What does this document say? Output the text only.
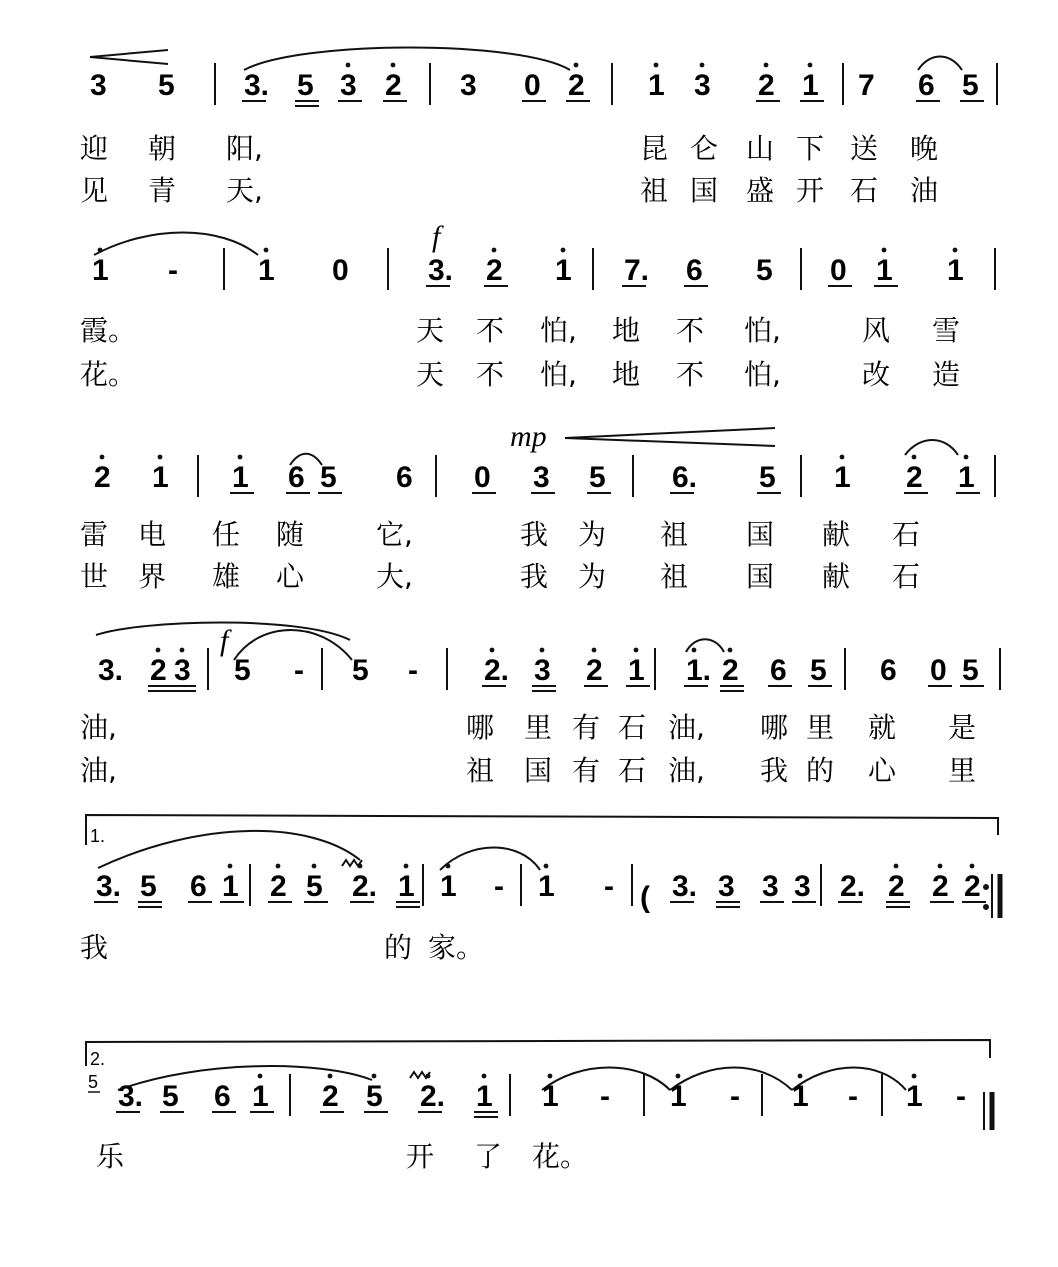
(
5
f
mp
f
1.
2.
3 5 3. 5 3 2 3 0 2 1 3 2 1 7 6 5
迎 朝 阳,	昆 仑 山 下 送 晚
见 青 天,	祖 国 盛 开 石 油
1 -	1 0	3. 2 1 7. 6 5 0 1 1
霞。	天 不 怕, 地 不 怕,	风 雪
花。	天 不 怕, 地 不 怕,	改 造
2 1 1 6 5 6 0 3 5 6. 5 1 2 1
雷 电 任 随	它,	我 为 祖 国 献 石
世 界 雄 心	大,	我 为 祖 国 献 石
3. 2 3 5 - 5 - 2. 3 2 1 1. 2 6 5 6 0 5
油,	哪 里 有 石 油, 哪 里 就 是
油,	祖 国 有 石 油, 我 的 心 里
3. 5 6 1 2 5 2. 1 1 - 1 - 3. 3 3 3 2. 2 2 2
我	的 家。
3. 5 6 1 2 5 2. 1 1 - 1 - 1 - 1 -
乐	开 了 花。
